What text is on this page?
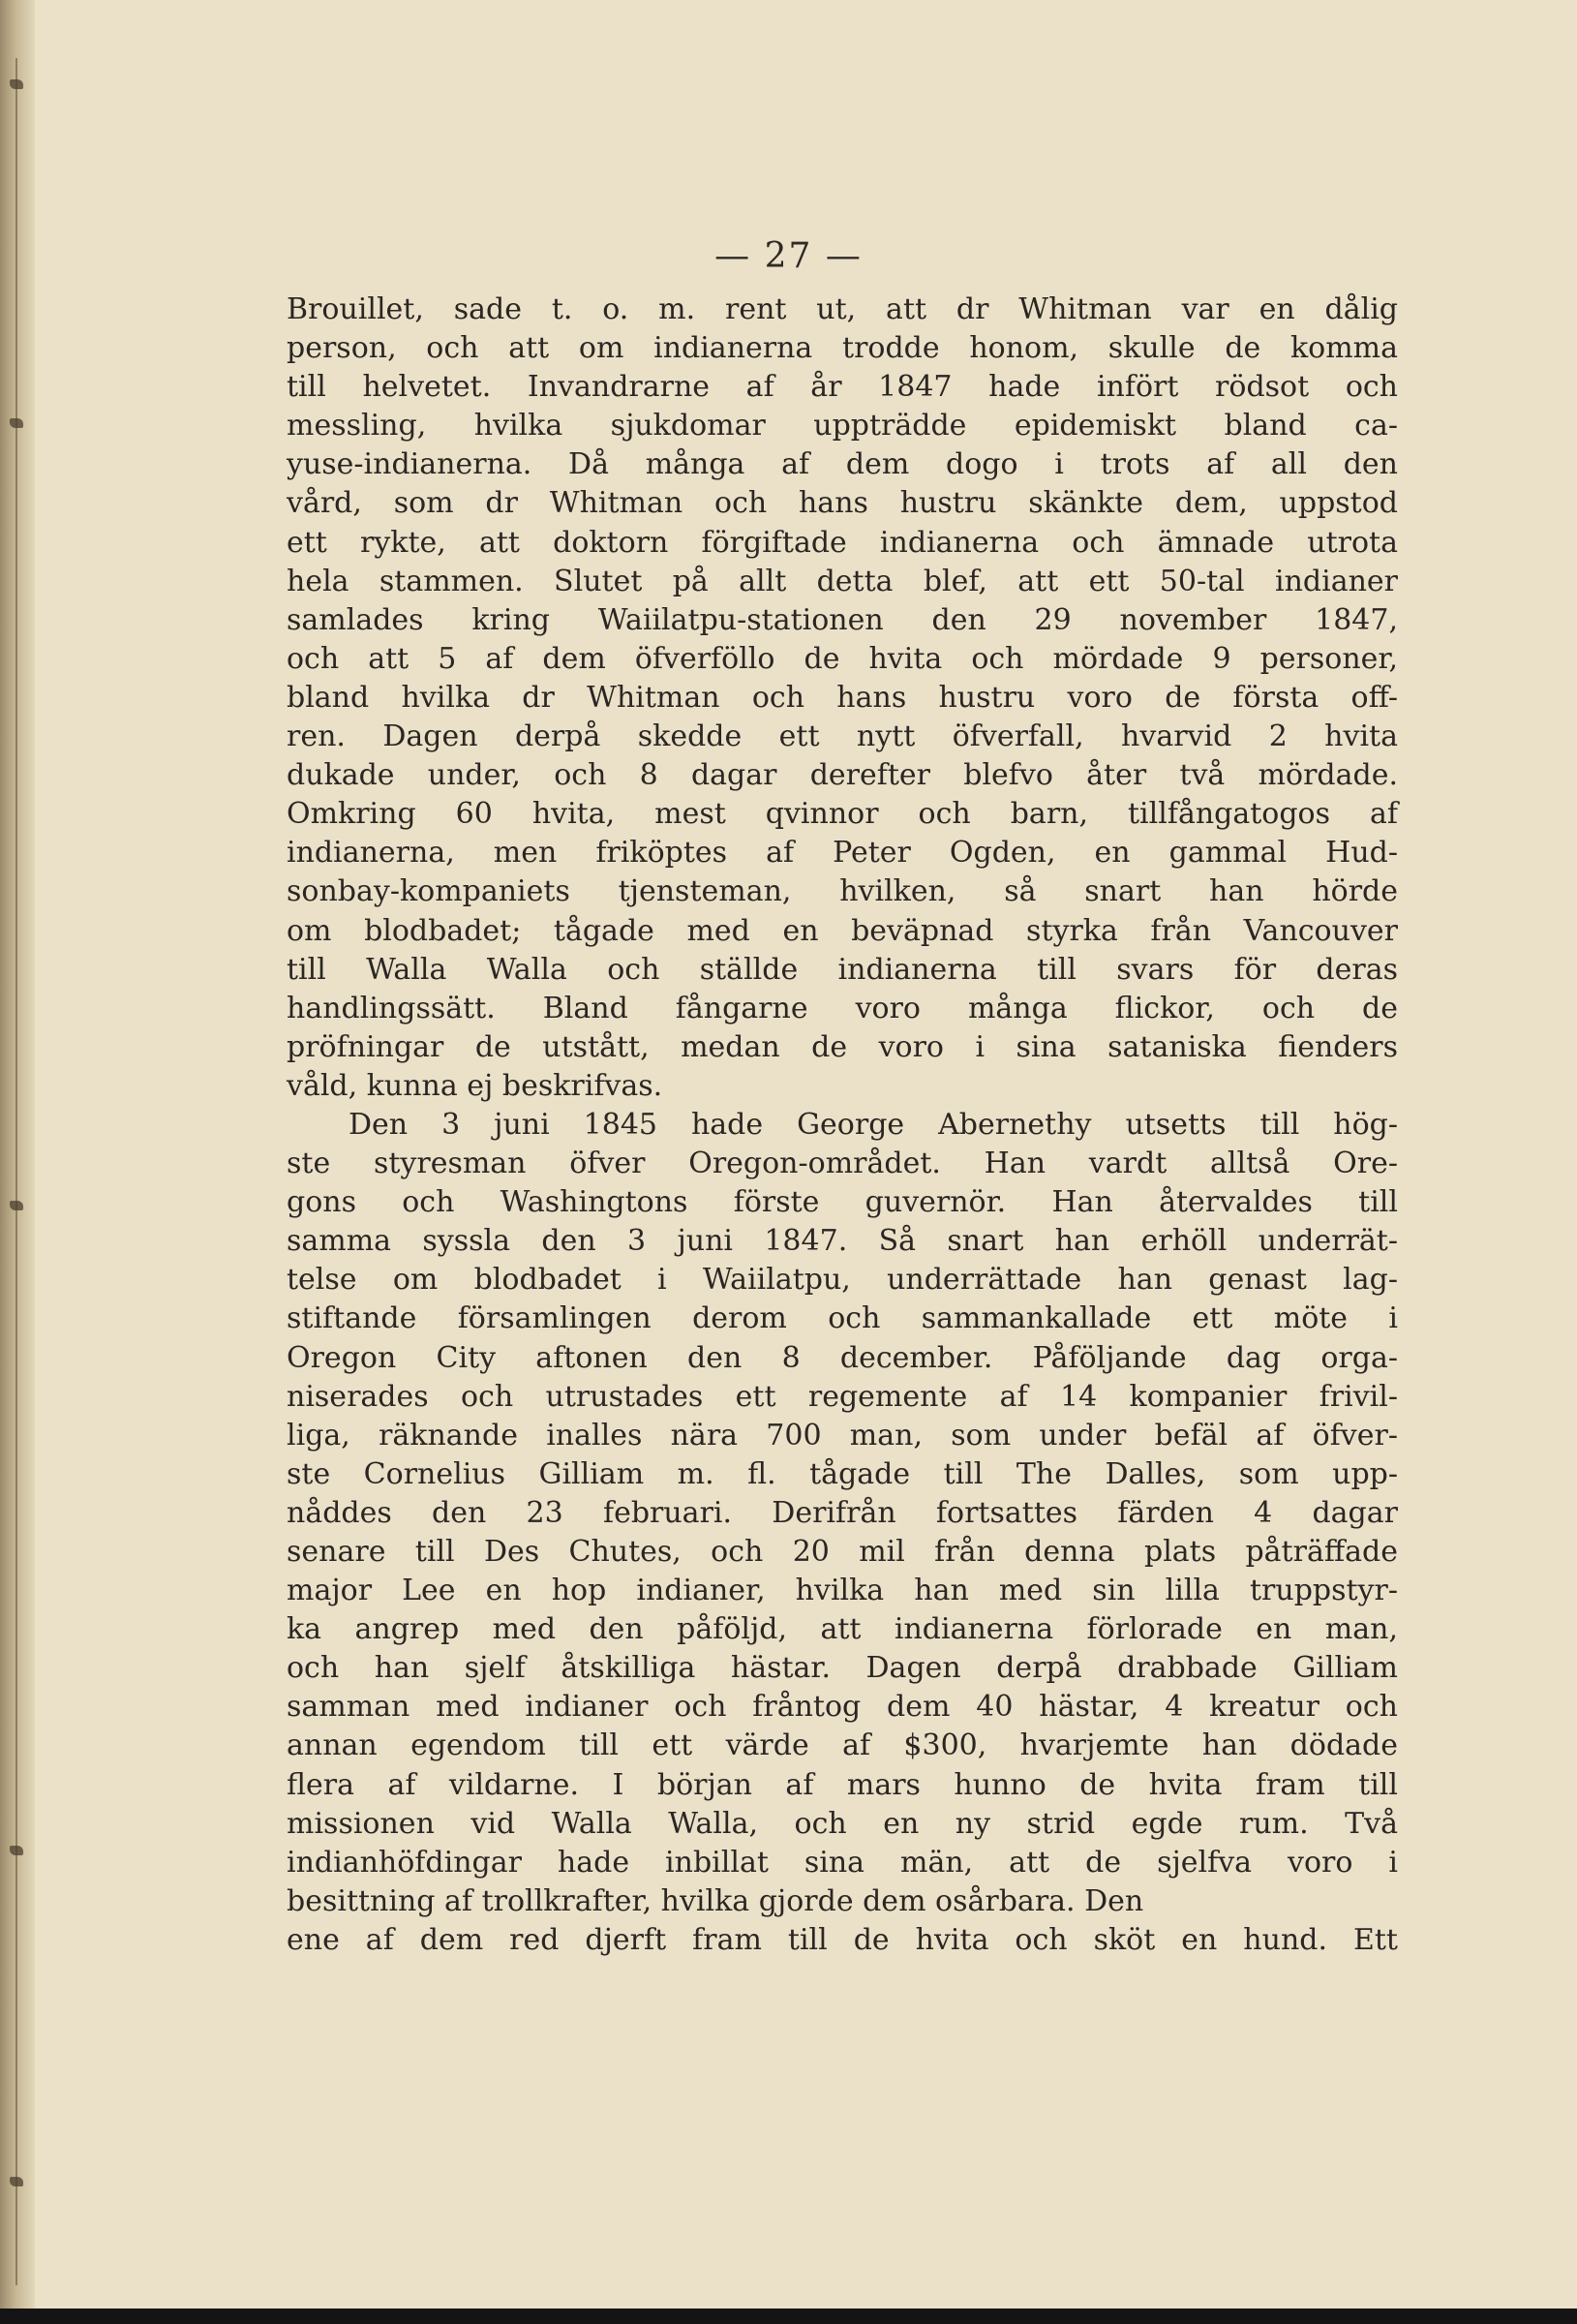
— 27 —
Brouillet, sade t. o. m. rent ut, att dr Whitman var en dålig
person, och att om indianerna trodde honom, skulle de komma
till helvetet. Invandrarne af år 1847 hade infört rödsot och
messling, hvilka sjukdomar uppträdde epidemiskt bland ca-
yuse-indianerna. Då många af dem dogo i trots af all den
vård, som dr Whitman och hans hustru skänkte dem, uppstod
ett rykte, att doktorn förgiftade indianerna och ämnade utrota
hela stammen. Slutet på allt detta blef, att ett 50-tal indianer
samlades kring Waiilatpu-stationen den 29 november 1847,
och att 5 af dem öfverföllo de hvita och mördade 9 personer,
bland hvilka dr Whitman och hans hustru voro de första off-
ren. Dagen derpå skedde ett nytt öfverfall, hvarvid 2 hvita
dukade under, och 8 dagar derefter blefvo åter två mördade.
Omkring 60 hvita, mest qvinnor och barn, tillfångatogos af
indianerna, men friköptes af Peter Ogden, en gammal Hud-
sonbay-kompaniets tjensteman, hvilken, så snart han hörde
om blodbadet; tågade med en beväpnad styrka från Vancouver
till Walla Walla och ställde indianerna till svars för deras
handlingssätt. Bland fångarne voro många flickor, och de
pröfningar de utstått, medan de voro i sina sataniska fienders
våld, kunna ej beskrifvas.
Den 3 juni 1845 hade George Abernethy utsetts till hög-
ste styresman öfver Oregon-området. Han vardt alltså Ore-
gons och Washingtons förste guvernör. Han återvaldes till
samma syssla den 3 juni 1847. Så snart han erhöll underrät-
telse om blodbadet i Waiilatpu, underrättade han genast lag-
stiftande församlingen derom och sammankallade ett möte i
Oregon City aftonen den 8 december. Påföljande dag orga-
niserades och utrustades ett regemente af 14 kompanier frivil-
liga, räknande inalles nära 700 man, som under befäl af öfver-
ste Cornelius Gilliam m. fl. tågade till The Dalles, som upp-
nåddes den 23 februari. Derifrån fortsattes färden 4 dagar
senare till Des Chutes, och 20 mil från denna plats påträffade
major Lee en hop indianer, hvilka han med sin lilla truppstyr-
ka angrep med den påföljd, att indianerna förlorade en man,
och han sjelf åtskilliga hästar. Dagen derpå drabbade Gilliam
samman med indianer och fråntog dem 40 hästar, 4 kreatur och
annan egendom till ett värde af $300, hvarjemte han dödade
flera af vildarne. I början af mars hunno de hvita fram till
missionen vid Walla Walla, och en ny strid egde rum. Två
indianhöfdingar hade inbillat sina män, att de sjelfva voro i
besittning af trollkrafter, hvilka gjorde dem osårbara. Den
ene af dem red djerft fram till de hvita och sköt en hund. Ett
